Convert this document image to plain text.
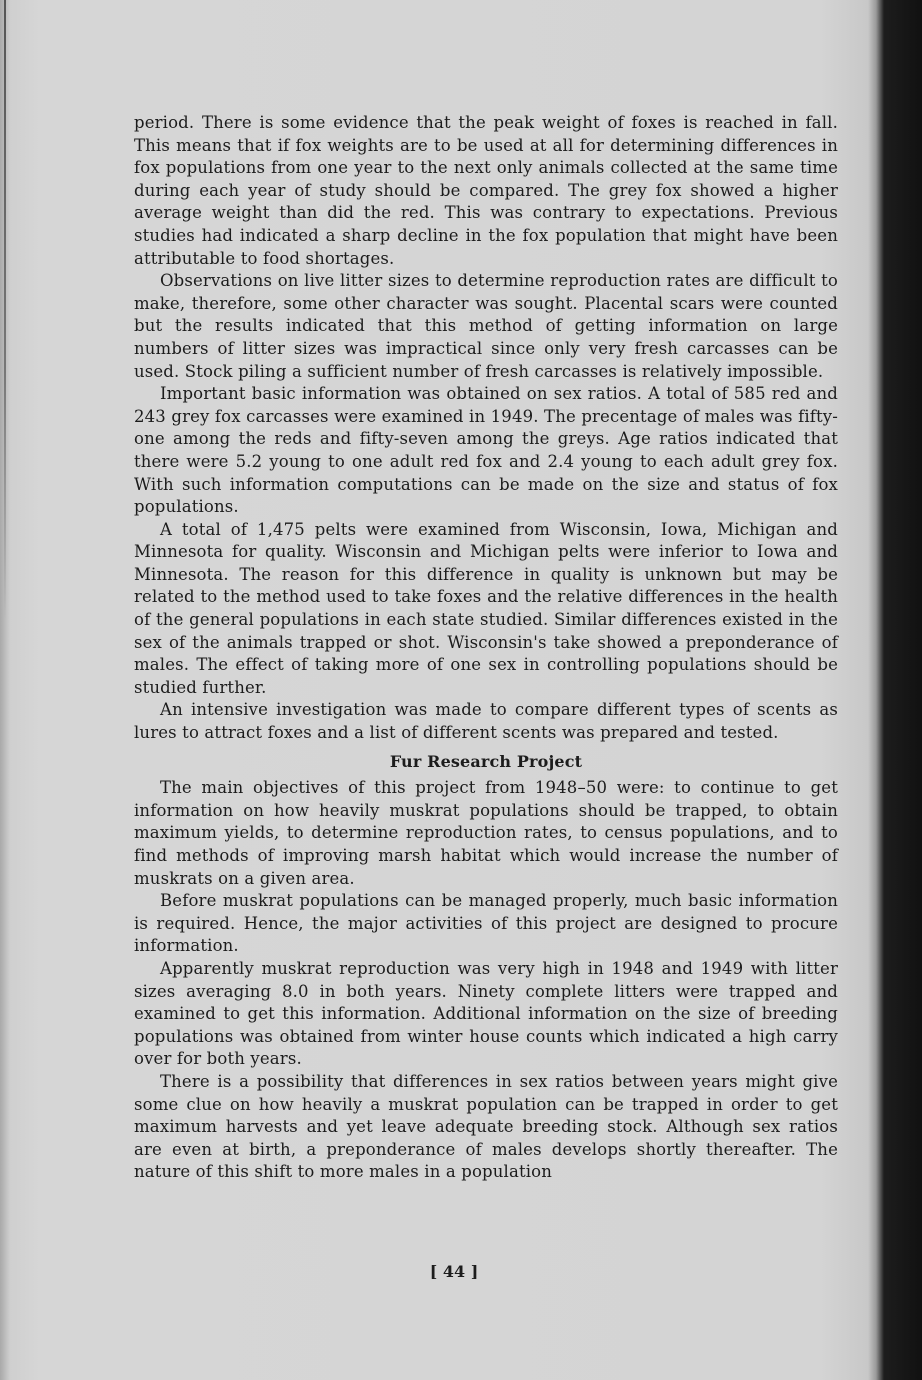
period. There is some evidence that the peak weight of foxes is reached in fall. This means that if fox weights are to be used at all for determining differences in fox populations from one year to the next only animals collected at the same time during each year of study should be compared. The grey fox showed a higher average weight than did the red. This was contrary to expectations. Previous studies had indicated a sharp decline in the fox population that might have been attributable to food shortages.

Observations on live litter sizes to determine reproduction rates are difficult to make, therefore, some other character was sought. Placental scars were counted but the results indicated that this method of getting information on large numbers of litter sizes was impractical since only very fresh carcasses can be used. Stock piling a sufficient number of fresh carcasses is relatively impossible.

Important basic information was obtained on sex ratios. A total of 585 red and 243 grey fox carcasses were examined in 1949. The precentage of males was fifty-one among the reds and fifty-seven among the greys. Age ratios indicated that there were 5.2 young to one adult red fox and 2.4 young to each adult grey fox. With such information computations can be made on the size and status of fox populations.

A total of 1,475 pelts were examined from Wisconsin, Iowa, Michigan and Minnesota for quality. Wisconsin and Michigan pelts were inferior to Iowa and Minnesota. The reason for this difference in quality is unknown but may be related to the method used to take foxes and the relative differences in the health of the general populations in each state studied. Similar differences existed in the sex of the animals trapped or shot. Wisconsin's take showed a preponderance of males. The effect of taking more of one sex in controlling populations should be studied further.

An intensive investigation was made to compare different types of scents as lures to attract foxes and a list of different scents was prepared and tested.

Fur Research Project

The main objectives of this project from 1948–50 were: to continue to get information on how heavily muskrat populations should be trapped, to obtain maximum yields, to determine reproduction rates, to census populations, and to find methods of improving marsh habitat which would increase the number of muskrats on a given area.

Before muskrat populations can be managed properly, much basic information is required. Hence, the major activities of this project are designed to procure information.

Apparently muskrat reproduction was very high in 1948 and 1949 with litter sizes averaging 8.0 in both years. Ninety complete litters were trapped and examined to get this information. Additional information on the size of breeding populations was obtained from winter house counts which indicated a high carry over for both years.

There is a possibility that differences in sex ratios between years might give some clue on how heavily a muskrat population can be trapped in order to get maximum harvests and yet leave adequate breeding stock. Although sex ratios are even at birth, a preponderance of males develops shortly thereafter. The nature of this shift to more males in a population

[ 44 ]
